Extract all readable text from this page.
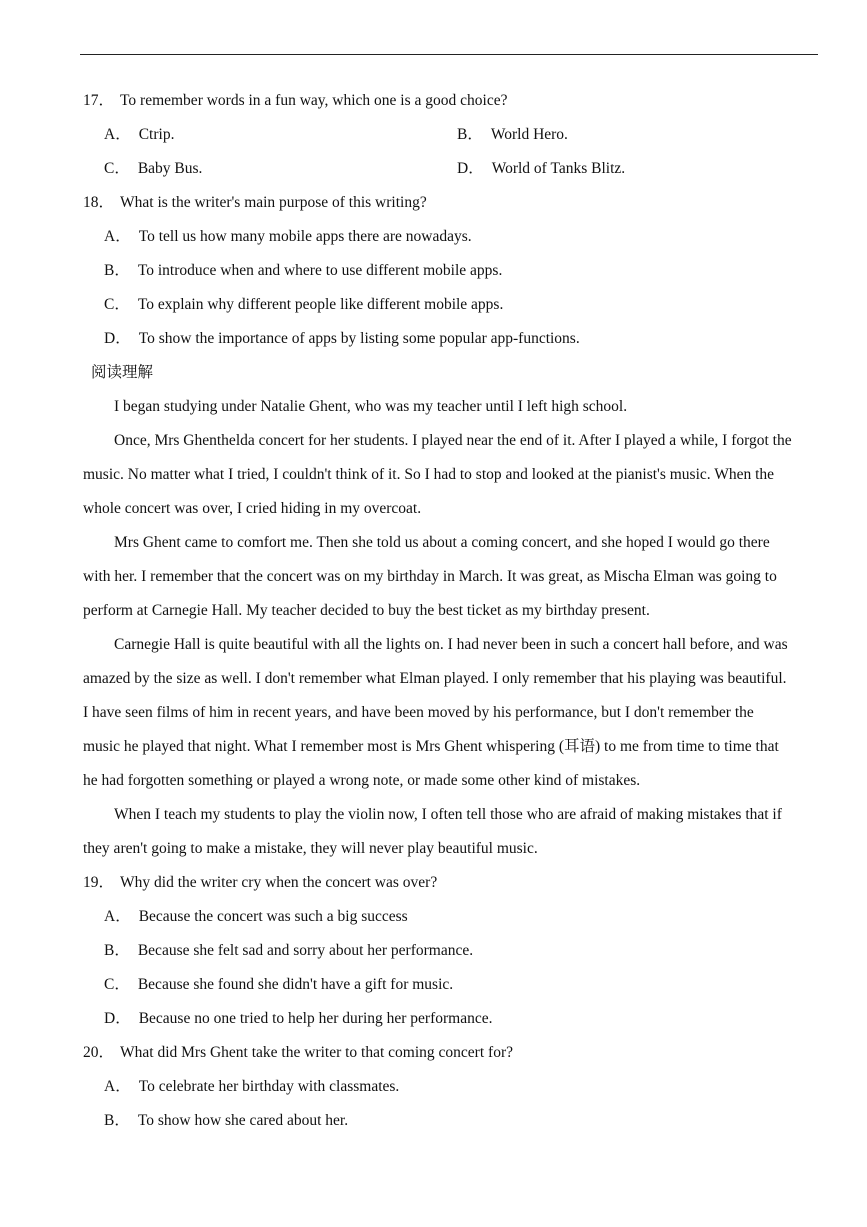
17． To remember words in a fun way, which one is a good choice?
A． Ctrip.	B． World Hero.
C． Baby Bus.	D． World of Tanks Blitz.
18． What is the writer's main purpose of this writing?
A． To tell us how many mobile apps there are nowadays.
B． To introduce when and where to use different mobile apps.
C． To explain why different people like different mobile apps.
D． To show the importance of apps by listing some popular app-functions.
阅读理解
I began studying under Natalie Ghent, who was my teacher until I left high school.
Once, Mrs Ghenthelda concert for her students. I played near the end of it. After I played a while, I forgot the
music. No matter what I tried, I couldn't think of it. So I had to stop and looked at the pianist's music. When the
whole concert was over, I cried hiding in my overcoat.
Mrs Ghent came to comfort me. Then she told us about a coming concert, and she hoped I would go there
with her. I remember that the concert was on my birthday in March. It was great, as Mischa Elman was going to
perform at Carnegie Hall. My teacher decided to buy the best ticket as my birthday present.
Carnegie Hall is quite beautiful with all the lights on. I had never been in such a concert hall before, and was
amazed by the size as well. I don't remember what Elman played. I only remember that his playing was beautiful.
I have seen films of him in recent years, and have been moved by his performance, but I don't remember the
music he played that night. What I remember most is Mrs Ghent whispering (耳语) to me from time to time that
he had forgotten something or played a wrong note, or made some other kind of mistakes.
When I teach my students to play the violin now, I often tell those who are afraid of making mistakes that if
they aren't going to make a mistake, they will never play beautiful music.
19． Why did the writer cry when the concert was over?
A． Because the concert was such a big success
B． Because she felt sad and sorry about her performance.
C． Because she found she didn't have a gift for music.
D． Because no one tried to help her during her performance.
20． What did Mrs Ghent take the writer to that coming concert for?
A． To celebrate her birthday with classmates.
B． To show how she cared about her.
